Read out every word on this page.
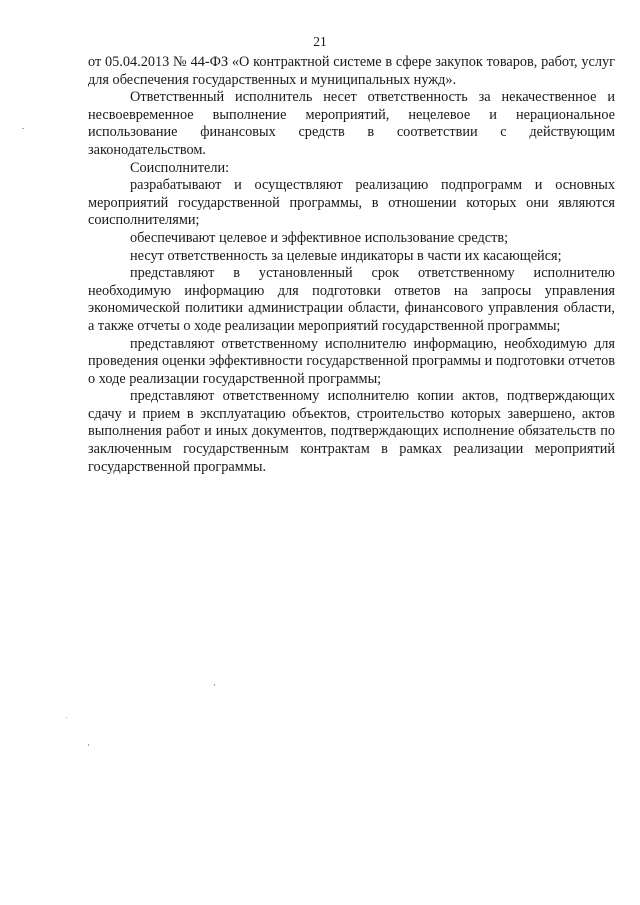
21

от 05.04.2013 № 44-ФЗ «О контрактной системе в сфере закупок товаров, работ, услуг для обеспечения государственных и муниципальных нужд».

Ответственный исполнитель несет ответственность за некачественное и несвоевременное выполнение мероприятий, нецелевое и нерациональное использование финансовых средств в соответствии с действующим законодательством.

Соисполнители:

разрабатывают и осуществляют реализацию подпрограмм и основных мероприятий государственной программы, в отношении которых они являются соисполнителями;

обеспечивают целевое и эффективное использование средств;

несут ответственность за целевые индикаторы в части их касающейся;

представляют в установленный срок ответственному исполнителю необходимую информацию для подготовки ответов на запросы управления экономической политики администрации области, финансового управления области, а также отчеты о ходе реализации мероприятий государственной программы;

представляют ответственному исполнителю информацию, необходимую для проведения оценки эффективности государственной программы и подготовки отчетов о ходе реализации государственной программы;

представляют ответственному исполнителю копии актов, подтверждающих сдачу и прием в эксплуатацию объектов, строительство которых завершено, актов выполнения работ и иных документов, подтверждающих исполнение обязательств по заключенным государственным контрактам в рамках реализации мероприятий государственной программы.
